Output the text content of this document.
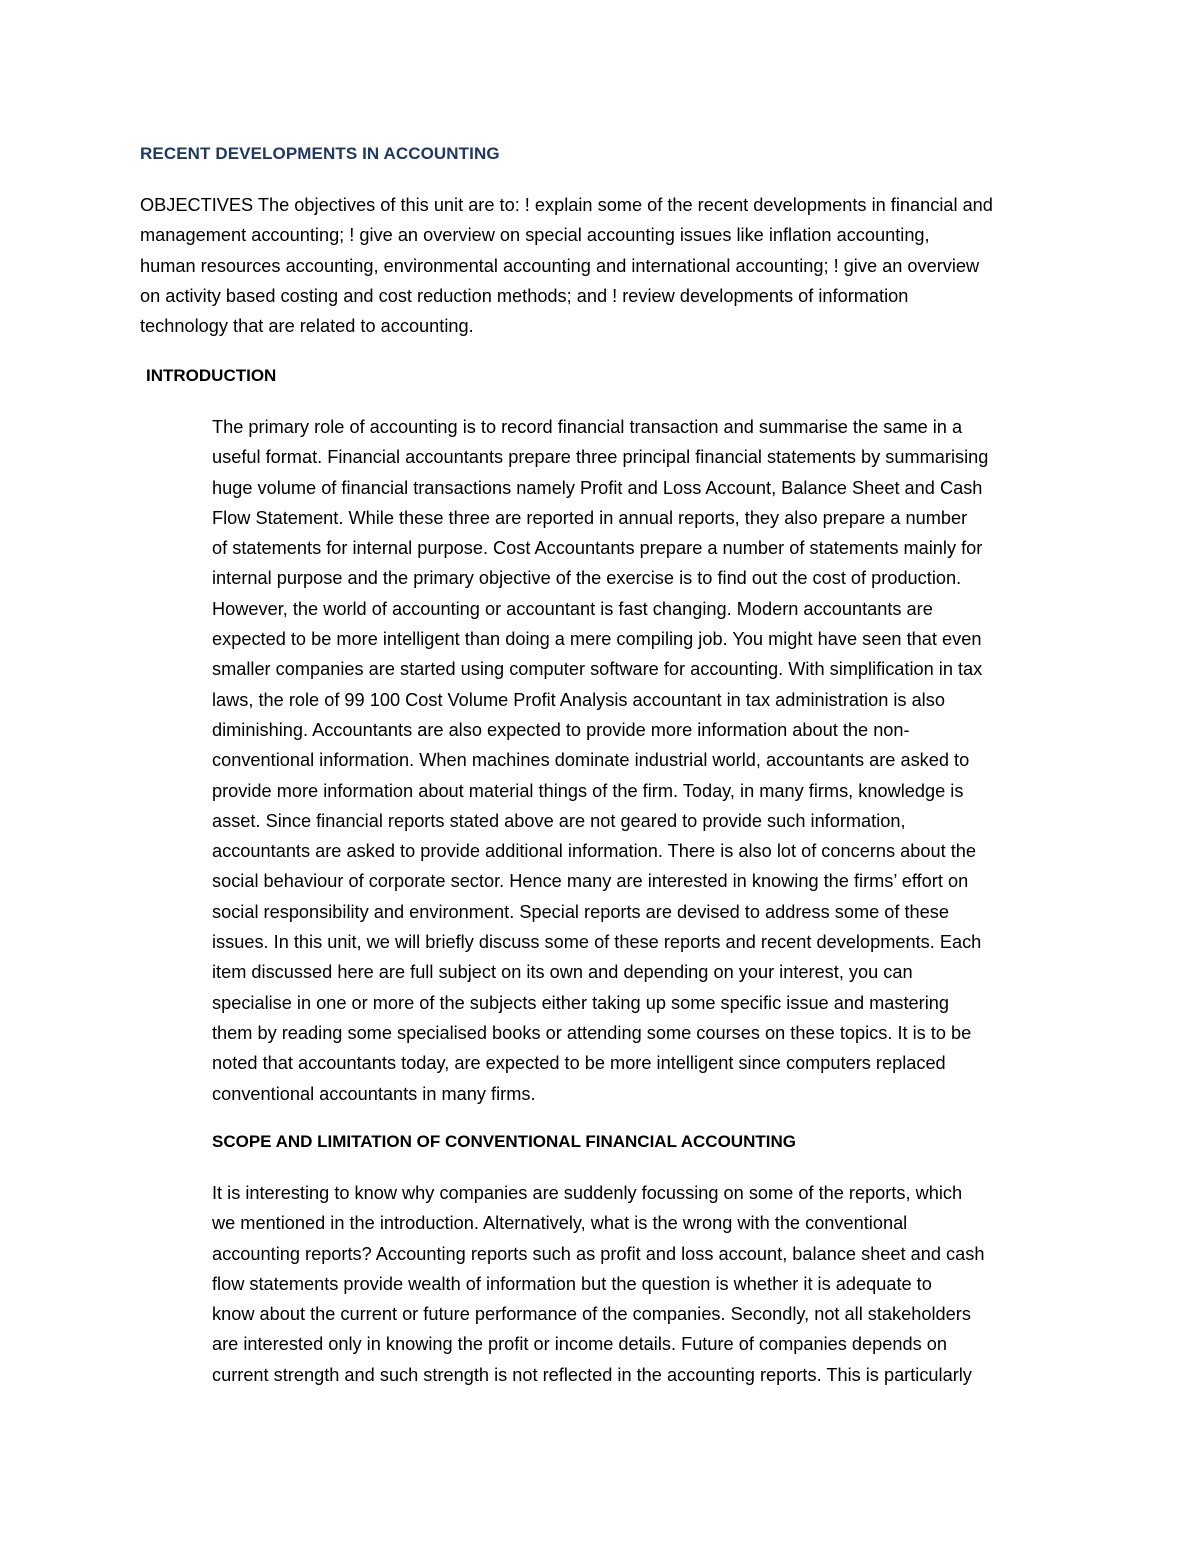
RECENT DEVELOPMENTS IN ACCOUNTING
OBJECTIVES The objectives of this unit are to: ! explain some of the recent developments in financial and
management accounting; ! give an overview on special accounting issues like inflation accounting,
human resources accounting, environmental accounting and international accounting; ! give an overview
on activity based costing and cost reduction methods; and ! review developments of information
technology that are related to accounting.
INTRODUCTION
The primary role of accounting is to record financial transaction and summarise the same in a
useful format. Financial accountants prepare three principal financial statements by summarising
huge volume of financial transactions namely Profit and Loss Account, Balance Sheet and Cash
Flow Statement. While these three are reported in annual reports, they also prepare a number
of statements for internal purpose. Cost Accountants prepare a number of statements mainly for
internal purpose and the primary objective of the exercise is to find out the cost of production.
However, the world of accounting or accountant is fast changing. Modern accountants are
expected to be more intelligent than doing a mere compiling job. You might have seen that even
smaller companies are started using computer software for accounting. With simplification in tax
laws, the role of 99 100 Cost Volume Profit Analysis accountant in tax administration is also
diminishing. Accountants are also expected to provide more information about the non-
conventional information. When machines dominate industrial world, accountants are asked to
provide more information about material things of the firm. Today, in many firms, knowledge is
asset. Since financial reports stated above are not geared to provide such information,
accountants are asked to provide additional information. There is also lot of concerns about the
social behaviour of corporate sector. Hence many are interested in knowing the firms’ effort on
social responsibility and environment. Special reports are devised to address some of these
issues. In this unit, we will briefly discuss some of these reports and recent developments. Each
item discussed here are full subject on its own and depending on your interest, you can
specialise in one or more of the subjects either taking up some specific issue and mastering
them by reading some specialised books or attending some courses on these topics. It is to be
noted that accountants today, are expected to be more intelligent since computers replaced
conventional accountants in many firms.
SCOPE AND LIMITATION OF CONVENTIONAL FINANCIAL ACCOUNTING
It is interesting to know why companies are suddenly focussing on some of the reports, which
we mentioned in the introduction. Alternatively, what is the wrong with the conventional
accounting reports? Accounting reports such as profit and loss account, balance sheet and cash
flow statements provide wealth of information but the question is whether it is adequate to
know about the current or future performance of the companies. Secondly, not all stakeholders
are interested only in knowing the profit or income details. Future of companies depends on
current strength and such strength is not reflected in the accounting reports. This is particularly
